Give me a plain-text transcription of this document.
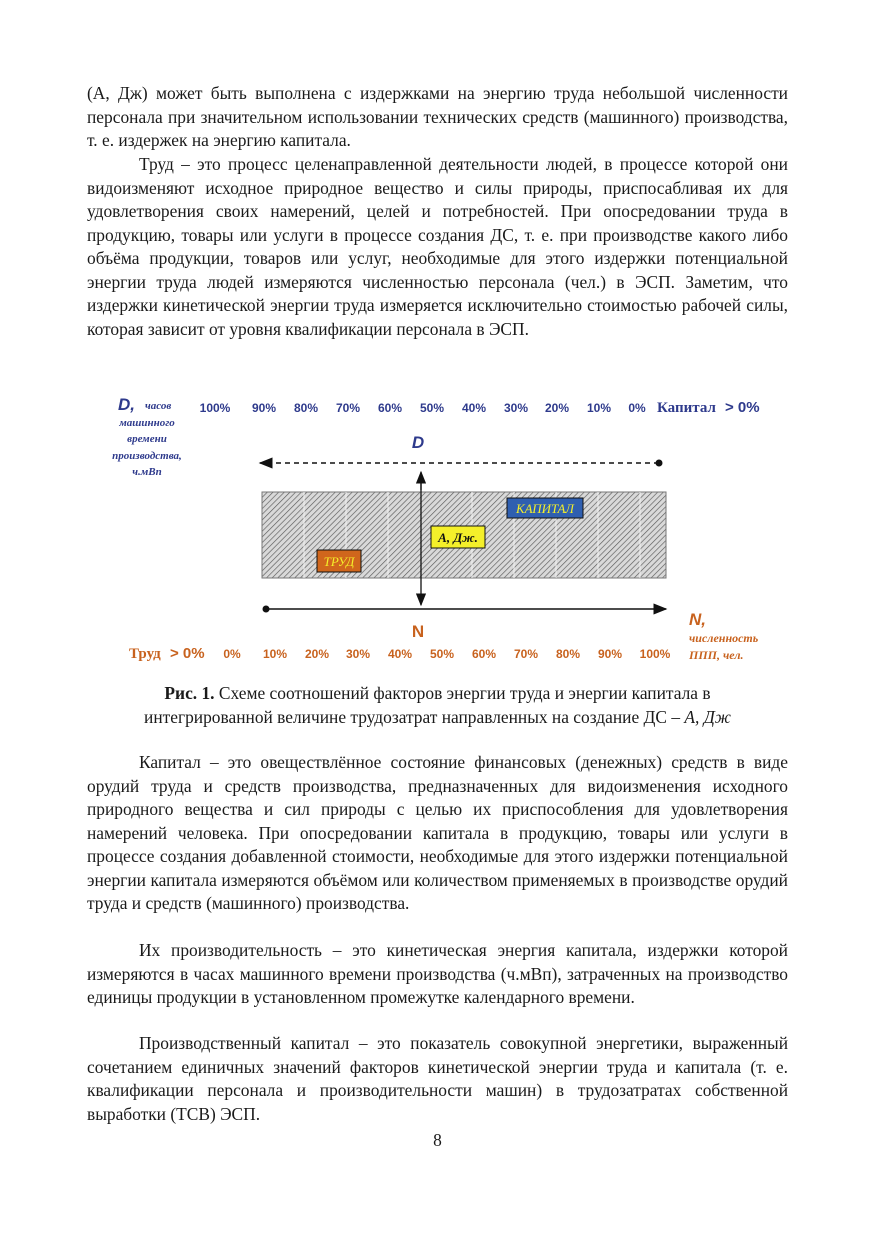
(А, Дж) может быть выполнена с издержками на энергию труда небольшой численности персонала при значительном использовании технических средств (машинного) производства, т. е. издержек на энергию капитала.

Труд – это процесс целенаправленной деятельности людей, в процессе которой они видоизменяют исходное природное вещество и силы природы, приспосабливая их для удовлетворения своих намерений, целей и потребностей. При опосредовании труда в продукцию, товары или услуги в процессе создания ДС, т. е. при производстве какого либо объёма продукции, товаров или услуг, необходимые для этого издержки потенциальной энергии труда людей измеряются численностью персонала (чел.) в ЭСП. Заметим, что издержки кинетической энергии труда измеряется исключительно стоимостью рабочей силы, которая зависит от уровня квалификации персонала в ЭСП.

D, часов
машинного
времени
производства,
ч.мВп
100% 90% 80% 70% 60% 50% 40% 30% 20% 10% 0% Капитал > 0%
D
КАПИТАЛ
А, Дж.
ТРУД
N
N,
численность
ППП, чел.
Труд > 0% 0% 10% 20% 30% 40% 50% 60% 70% 80% 90% 100%
Рис. 1. Схеме соотношений факторов энергии труда и энергии капитала в
интегрированной величине трудозатрат направленных на создание ДС – А, Дж

Капитал – это овеществлённое состояние финансовых (денежных) средств в виде орудий труда и средств производства, предназначенных для видоизменения исходного природного вещества и сил природы с целью их приспособления для удовлетворения намерений человека. При опосредовании капитала в продукцию, товары или услуги в процессе создания добавленной стоимости, необходимые для этого издержки потенциальной энергии капитала измеряются объёмом или количеством применяемых в производстве орудий труда и средств (машинного) производства.

Их производительность – это кинетическая энергия капитала, издержки которой измеряются в часах машинного времени производства (ч.мВп), затраченных на производство единицы продукции в установленном промежутке календарного времени.

Производственный капитал – это показатель совокупной энергетики, выраженный сочетанием единичных значений факторов кинетической энергии труда и капитала (т. е. квалификации персонала и производительности машин) в трудозатратах собственной выработки (ТСВ) ЭСП.

8
